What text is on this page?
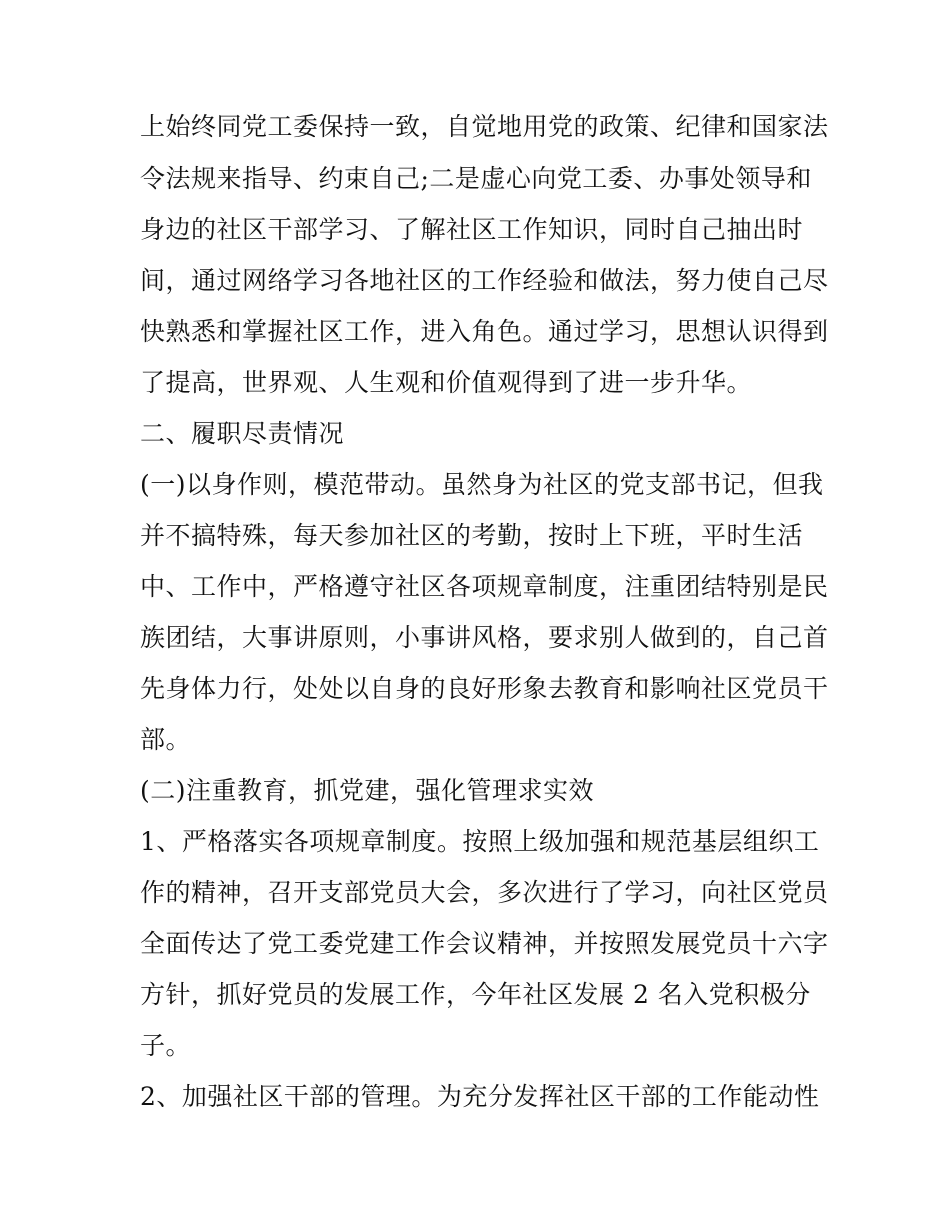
上始终同党工委保持一致，自觉地用党的政策、纪律和国家法
令法规来指导、约束自己;二是虚心向党工委、办事处领导和
身边的社区干部学习、了解社区工作知识，同时自己抽出时
间，通过网络学习各地社区的工作经验和做法，努力使自己尽
快熟悉和掌握社区工作，进入角色。通过学习，思想认识得到
了提高，世界观、人生观和价值观得到了进一步升华。
二、履职尽责情况
(一)以身作则，模范带动。虽然身为社区的党支部书记，但我
并不搞特殊，每天参加社区的考勤，按时上下班，平时生活
中、工作中，严格遵守社区各项规章制度，注重团结特别是民
族团结，大事讲原则，小事讲风格，要求别人做到的，自己首
先身体力行，处处以自身的良好形象去教育和影响社区党员干
部。
(二)注重教育，抓党建，强化管理求实效
1、严格落实各项规章制度。按照上级加强和规范基层组织工
作的精神，召开支部党员大会，多次进行了学习，向社区党员
全面传达了党工委党建工作会议精神，并按照发展党员十六字
方针，抓好党员的发展工作，今年社区发展 2 名入党积极分
子。
2、加强社区干部的管理。为充分发挥社区干部的工作能动性
